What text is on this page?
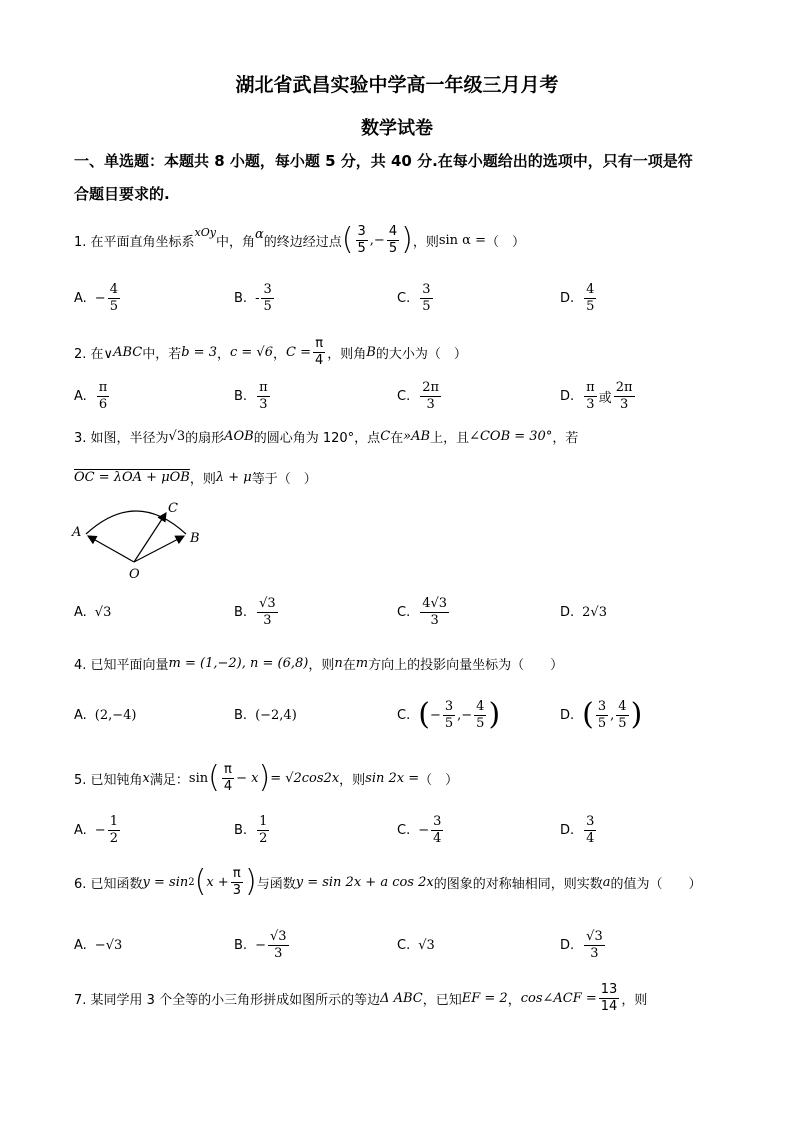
湖北省武昌实验中学高一年级三月月考
数学试卷
一、单选题：本题共 8 小题，每小题 5 分，共 40 分.在每小题给出的选项中，只有一项是符
合题目要求的.
1. 在平面直角坐标系
xOy
中，角
α
的终边经过点 ( $\frac{3}{5}$ ,− $\frac{4}{5}$ ) ，则 sin α = （　）
A. − $\frac{4}{5}$	B. - $\frac{3}{5}$	C. $\frac{3}{5}$	D. $\frac{4}{5}$
2. 在∨ ABC 中，若 b = 3 ， c = √6 ， $C = \frac{\pi}{4}$ ，则角 B 的大小为（　）
A. $\frac{\pi}{6}$	B. $\frac{\pi}{3}$	C. $\frac{2\pi}{3}$	D. $\frac{\pi}{3}$ 或 $\frac{2\pi}{3}$
3. 如图，半径为 √3 的扇形 AOB 的圆心角为 120°，点 C 在 »AB 上，且 ∠COB = 30° ，若
OC = λOA + μOB ，则 λ + μ 等于（　）
A	B
C
O
A. √3	B. $\frac{√3}{3}$	C. $\frac{4√3}{3}$	D. 2√3
4. 已知平面向量 m = (1,−2), n = (6,8) ，则 n 在 m 方向上的投影向量坐标为（　　）
A. (2,−4)	B. (−2,4)	C. ( − $\frac{3}{5}$ ,− $\frac{4}{5}$ )	D. ( $\frac{3}{5}$ , $\frac{4}{5}$ )
5. 已知钝角 x 满足： sin ( $\frac{\pi}{4} - x$ ) = √2cos2x ，则 sin 2x = （　）
A. − $\frac{1}{2}$	B. $\frac{1}{2}$	C. − $\frac{3}{4}$	D. $\frac{3}{4}$
6. 已知函数 y = sin 2 ( $x + \frac{\pi}{3}$ ) 与函数 y = sin 2x + a cos 2x 的图象的对称轴相同，则实数 a 的值为（　　）
A. −√3	B. − $\frac{√3}{3}$	C. √3	D. $\frac{√3}{3}$
7. 某同学用 3 个全等的小三角形拼成如图所示的等边 Δ ABC ，已知 EF = 2 ， cos∠ACF = $\frac{13}{14}$ ，则
